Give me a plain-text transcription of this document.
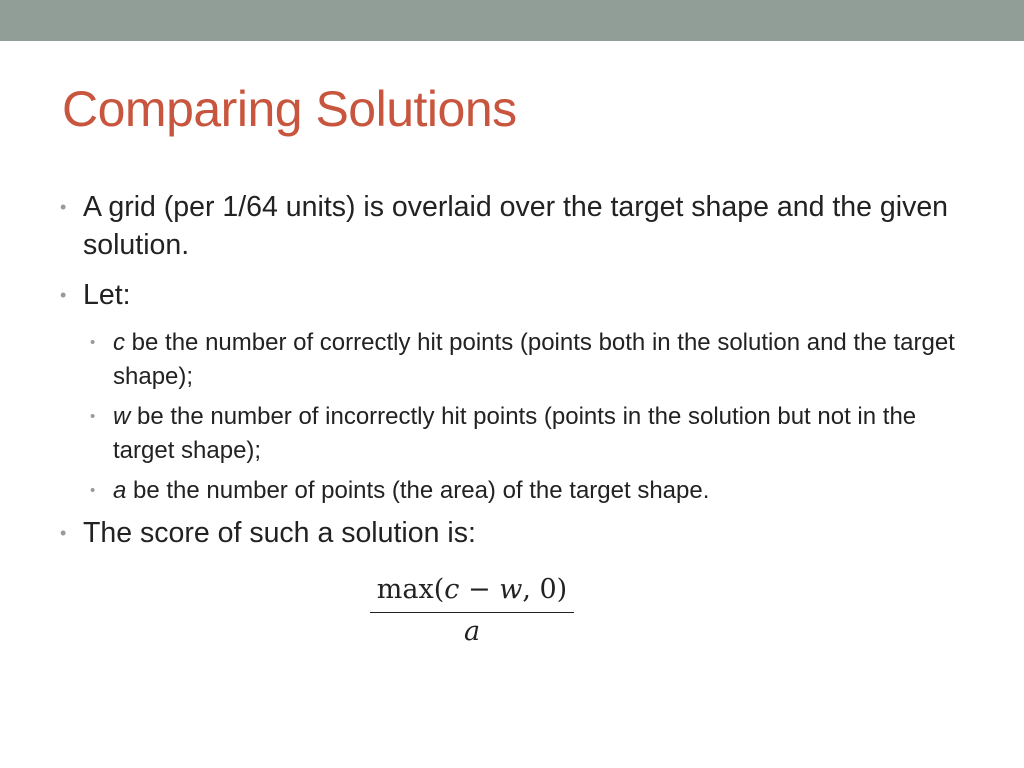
Comparing Solutions
• A grid (per 1/64 units) is overlaid over the target shape and the given solution.
• Let:
• c be the number of correctly hit points (points both in the solution and the target shape);
• w be the number of incorrectly hit points (points in the solution but not in the target shape);
• a be the number of points (the area) of the target shape.
• The score of such a solution is:
max(c − w, 0)
a
